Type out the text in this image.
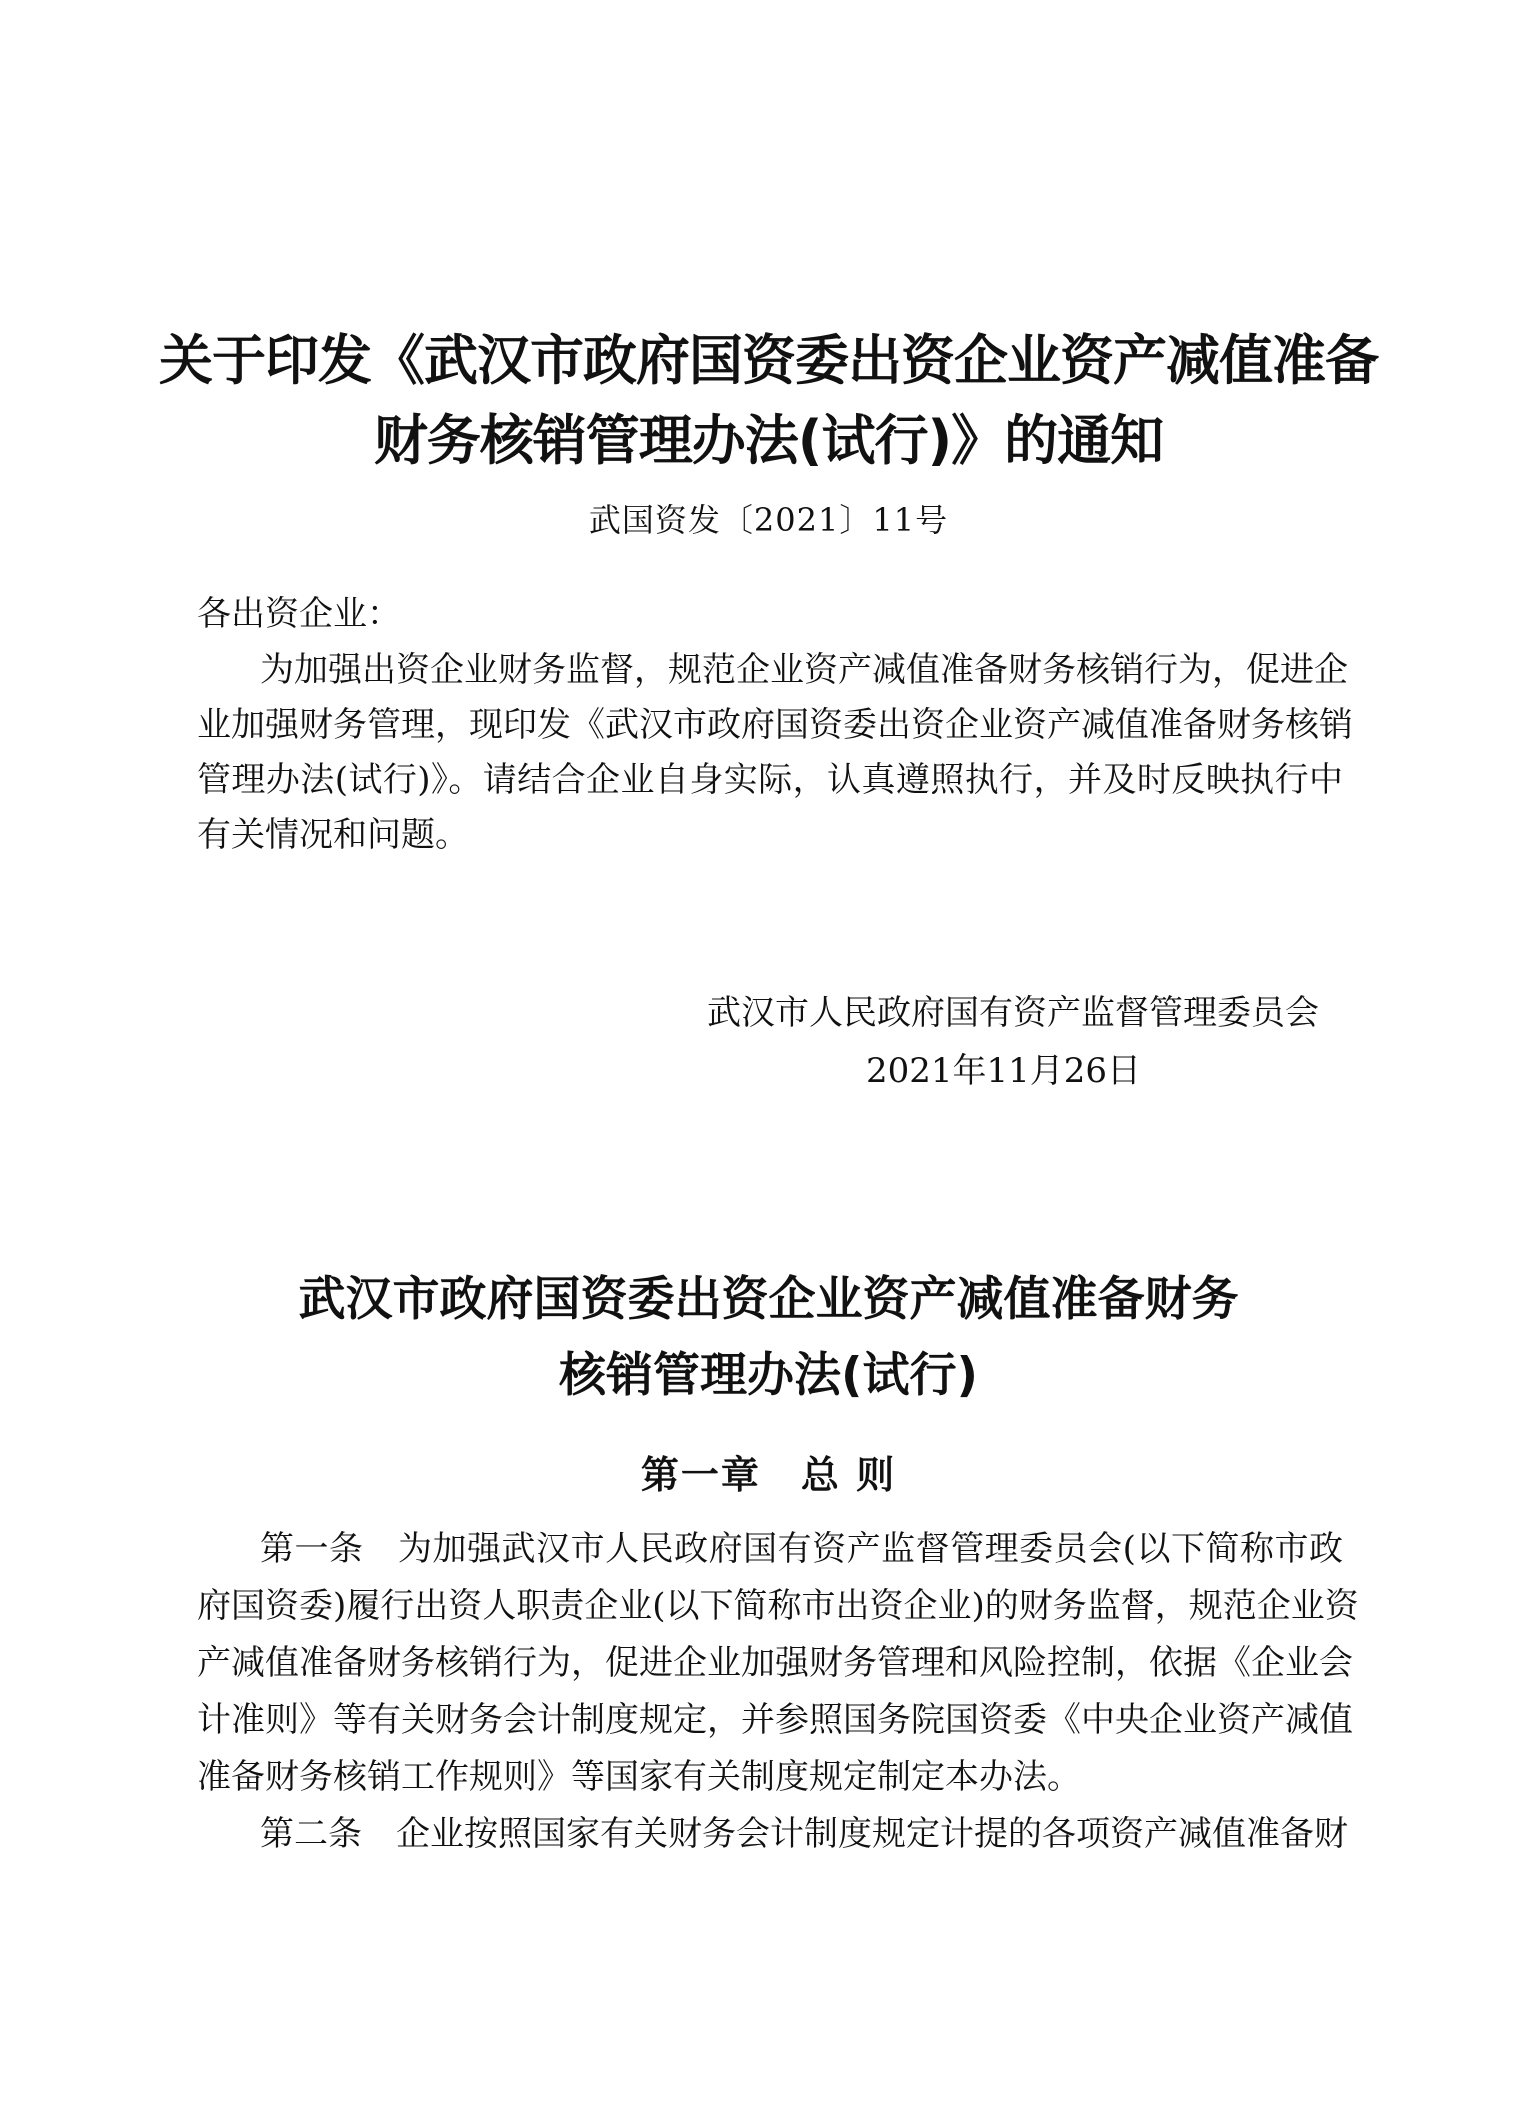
关于印发《武汉市政府国资委出资企业资产减值准备
财务核销管理办法(试行)》的通知
武国资发〔2021〕11号
各出资企业：
为加强出资企业财务监督，规范企业资产减值准备财务核销行为，促进企
业加强财务管理，现印发《武汉市政府国资委出资企业资产减值准备财务核销
管理办法(试行)》。请结合企业自身实际，认真遵照执行，并及时反映执行中
有关情况和问题。
武汉市人民政府国有资产监督管理委员会
2021年11月26日
武汉市政府国资委出资企业资产减值准备财务
核销管理办法(试行)
第一章　总 则
第一条　为加强武汉市人民政府国有资产监督管理委员会(以下简称市政
府国资委)履行出资人职责企业(以下简称市出资企业)的财务监督，规范企业资
产减值准备财务核销行为，促进企业加强财务管理和风险控制，依据《企业会
计准则》等有关财务会计制度规定，并参照国务院国资委《中央企业资产减值
准备财务核销工作规则》等国家有关制度规定制定本办法。
第二条　企业按照国家有关财务会计制度规定计提的各项资产减值准备财
